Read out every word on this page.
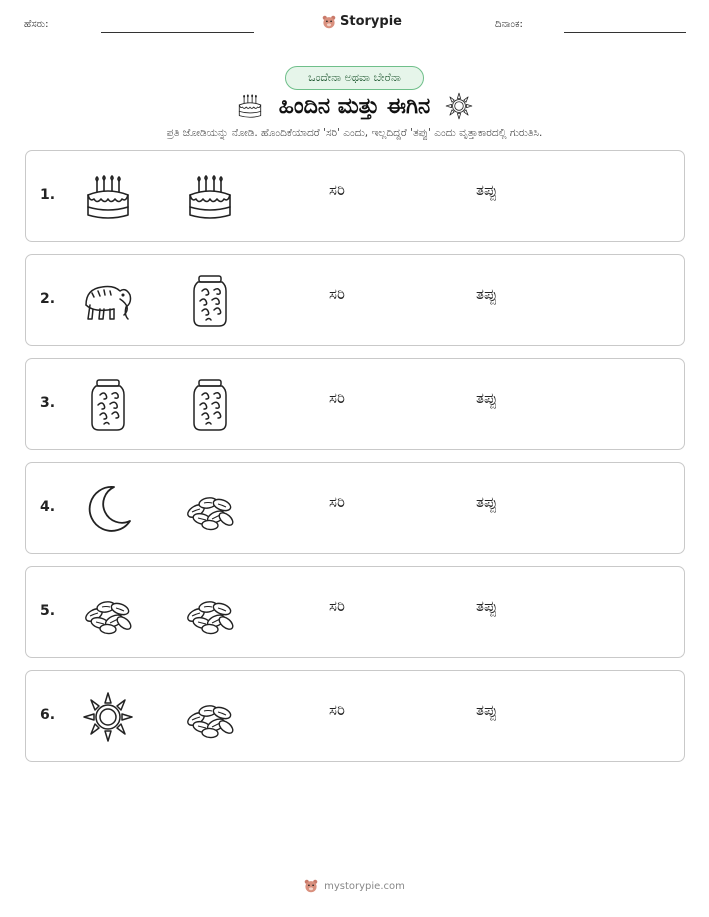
ಹೆಸರು:	Storypie	ದಿನಾಂಕ:
ಒಂದೇನಾ ಅಥವಾ ಬೇರೆನಾ
ಹಿಂದಿನ ಮತ್ತು ಈಗಿನ
ಪ್ರತಿ ಜೋಡಿಯನ್ನು ನೋಡಿ. ಹೊಂದಿಕೆಯಾದರೆ 'ಸರಿ' ಎಂದು, ಇಲ್ಲದಿದ್ದರೆ 'ತಪ್ಪು' ಎಂದು ವೃತ್ತಾಕಾರದಲ್ಲಿ ಗುರುತಿಸಿ.
1.	ಸರಿ	ತಪ್ಪು
2.	ಸರಿ	ತಪ್ಪು
3.	ಸರಿ	ತಪ್ಪು
4.	ಸರಿ	ತಪ್ಪು
5.	ಸರಿ	ತಪ್ಪು
6.	ಸರಿ	ತಪ್ಪು
mystorypie.com
